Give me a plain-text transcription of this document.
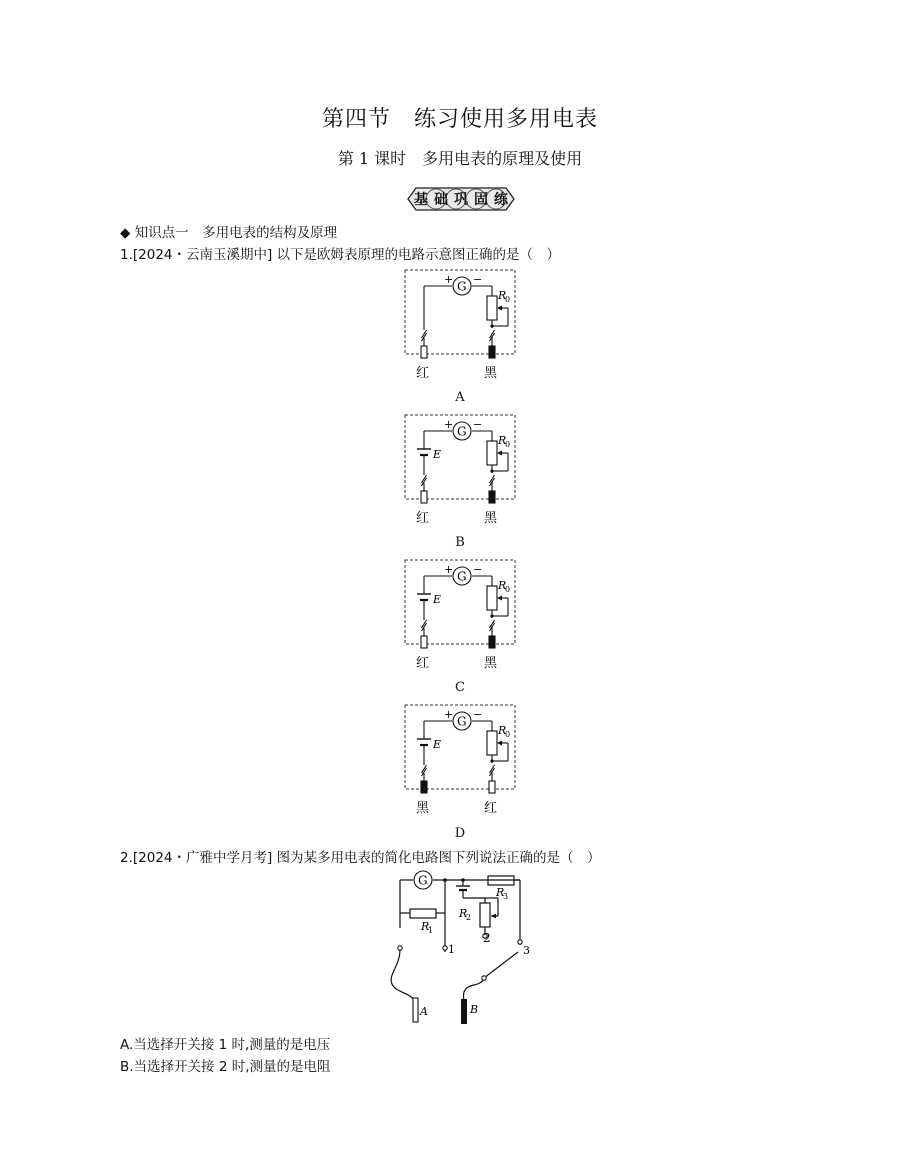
第四节　练习使用多用电表
第 1 课时　多用电表的原理及使用
基础巩固练
◆ 知识点一　多用电表的结构及原理
1.[2024・云南玉溪期中] 以下是欧姆表原理的电路示意图正确的是（　）
G
+ −
R
0
红	黑
A
G
+ −
R
0
E
红	黑
B
G
+ −
R
0
E
红	黑
C
G
+ −
R
0
E
黑	红
D
2.[2024・广雅中学月考] 图为某多用电表的简化电路图下列说法正确的是（　）
G
R
1
R
2
R
3
1
2
3
A	B
A.当选择开关接 1 时,测量的是电压
B.当选择开关接 2 时,测量的是电阻
